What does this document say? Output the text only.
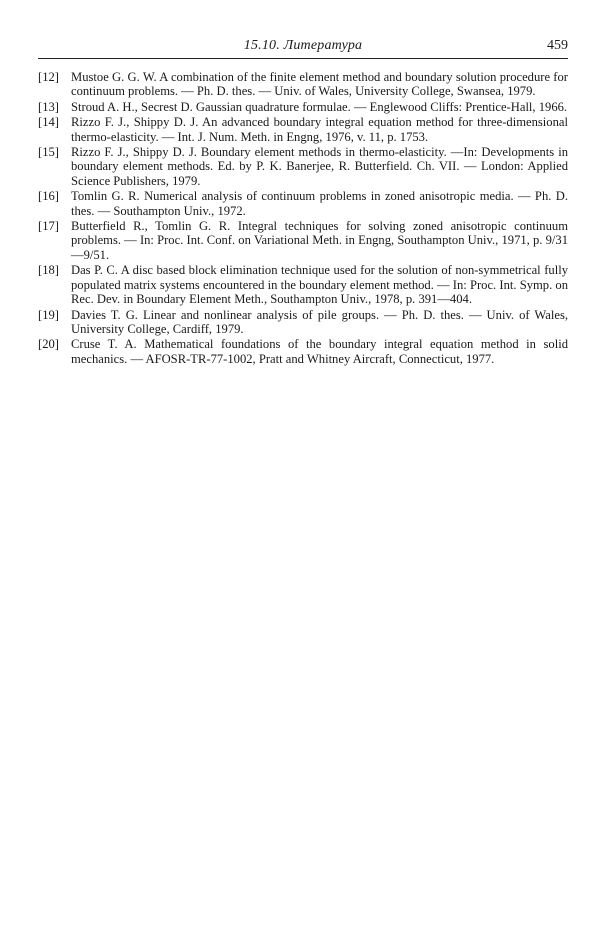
15.10. Литература	459
[12] Mustoe G. G. W. A combination of the finite element method and boundary solution procedure for continuum problems. — Ph. D. thes. — Univ. of Wales, University College, Swansea, 1979.
[13] Stroud A. H., Secrest D. Gaussian quadrature formulae. — Englewood Cliffs: Prentice-Hall, 1966.
[14] Rizzo F. J., Shippy D. J. An advanced boundary integral equation method for three-dimensional thermo-elasticity. — Int. J. Num. Meth. in Engng, 1976, v. 11, p. 1753.
[15] Rizzo F. J., Shippy D. J. Boundary element methods in thermo-elasticity. —In: Developments in boundary element methods. Ed. by P. K. Banerjee, R. Butterfield. Ch. VII. — London: Applied Science Publishers, 1979.
[16] Tomlin G. R. Numerical analysis of continuum problems in zoned anisotropic media. — Ph. D. thes. — Southampton Univ., 1972.
[17] Butterfield R., Tomlin G. R. Integral techniques for solving zoned anisotropic continuum problems. — In: Proc. Int. Conf. on Variational Meth. in Engng, Southampton Univ., 1971, p. 9/31—9/51.
[18] Das P. C. A disc based block elimination technique used for the solution of non-symmetrical fully populated matrix systems encountered in the boundary element method. — In: Proc. Int. Symp. on Rec. Dev. in Boundary Element Meth., Southampton Univ., 1978, p. 391—404.
[19] Davies T. G. Linear and nonlinear analysis of pile groups. — Ph. D. thes. — Univ. of Wales, University College, Cardiff, 1979.
[20] Cruse T. A. Mathematical foundations of the boundary integral equation method in solid mechanics. — AFOSR-TR-77-1002, Pratt and Whitney Aircraft, Connecticut, 1977.
